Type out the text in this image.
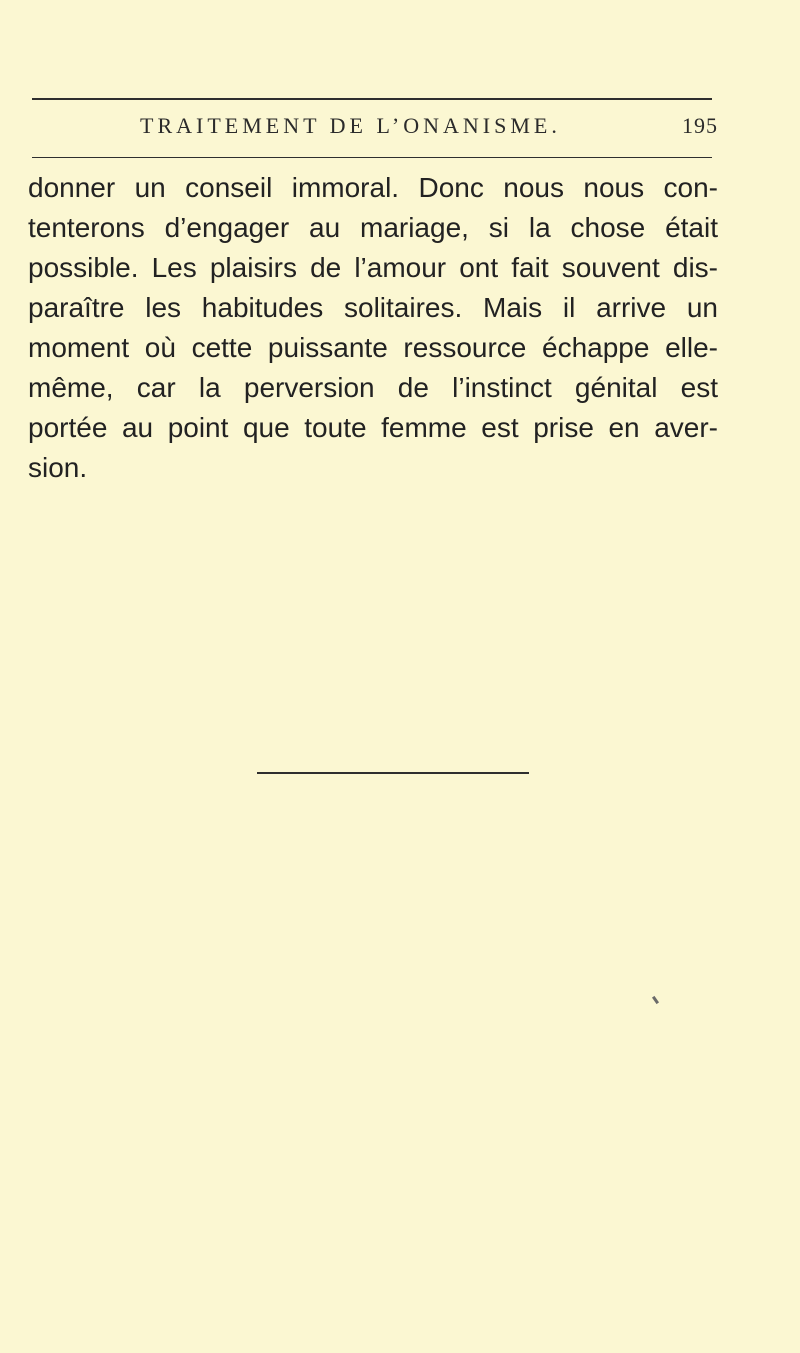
TRAITEMENT DE L’ONANISME.	195
donner un conseil immoral. Donc nous nous con-
tenterons d’engager au mariage, si la chose était
possible. Les plaisirs de l’amour ont fait souvent dis-
paraître les habitudes solitaires. Mais il arrive un
moment où cette puissante ressource échappe elle-
même, car la perversion de l’instinct génital est
portée au point que toute femme est prise en aver-
sion.
